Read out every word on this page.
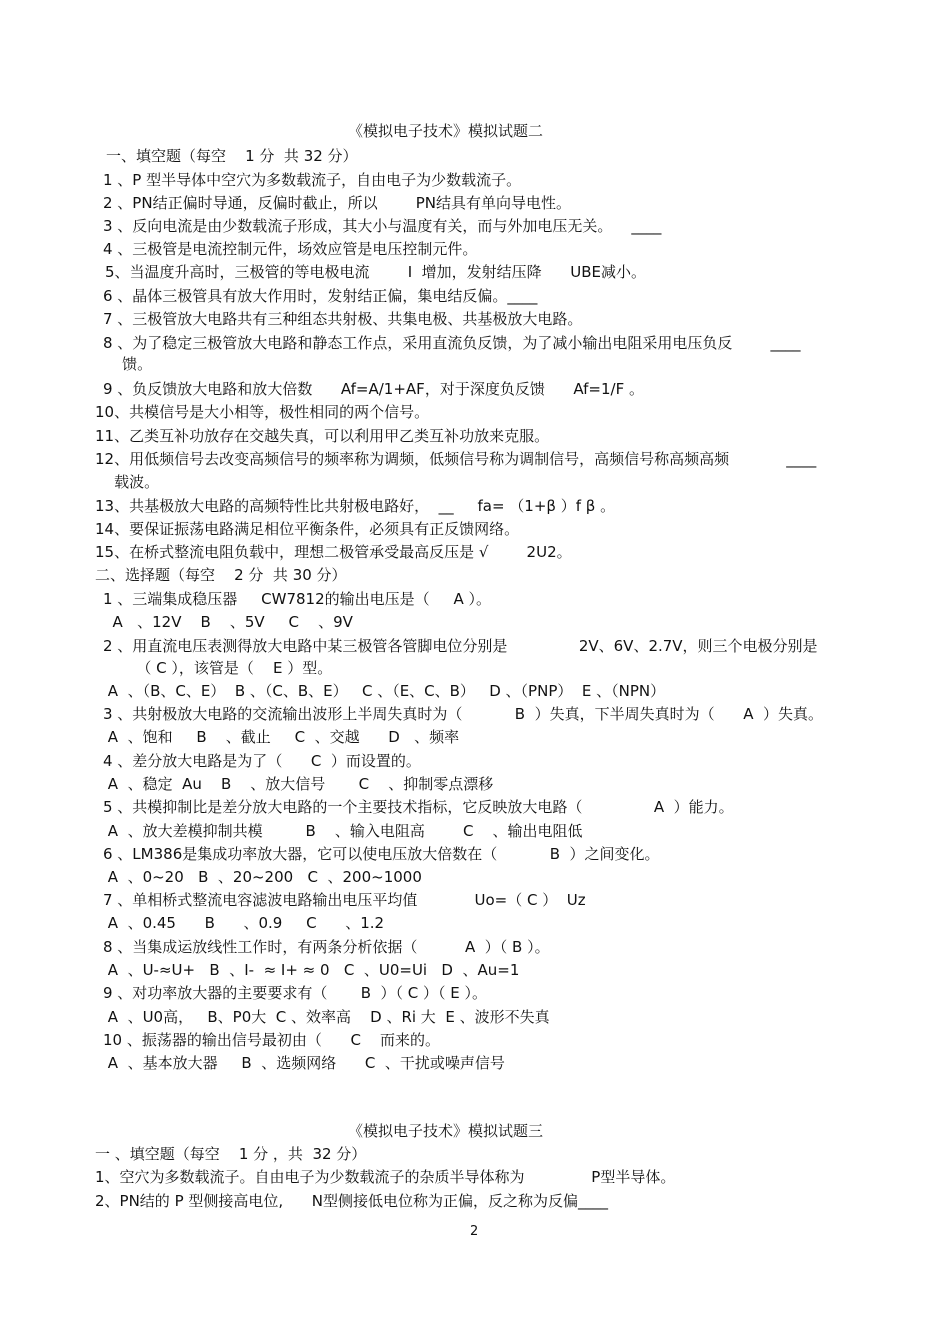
《模拟电子技术》模拟试题二
一、填空题（每空    1 分  共 32 分）
1 、P 型半导体中空穴为多数载流子，自由电子为少数载流子。
2 、PN结正偏时导通，反偏时截止，所以        PN结具有单向导电性。
3 、反向电流是由少数载流子形成，其大小与温度有关，而与外加电压无关。    ____
4 、三极管是电流控制元件，场效应管是电压控制元件。
5、当温度升高时，三极管的等电极电流        I  增加，发射结压降      UBE减小。
6 、晶体三极管具有放大作用时，发射结正偏，集电结反偏。____
7 、三极管放大电路共有三种组态共射极、共集电极、共基极放大电路。
8 、为了稳定三极管放大电路和静态工作点，采用直流负反馈，为了减小输出电阻采用电压负反        ____
馈。
9 、负反馈放大电路和放大倍数      Af=A/1+AF，对于深度负反馈      Af=1/F 。
10、共模信号是大小相等，极性相同的两个信号。
11、乙类互补功放存在交越失真，可以利用甲乙类互补功放来克服。
12、用低频信号去改变高频信号的频率称为调频，低频信号称为调制信号，高频信号称高频高频            ____
载波。
13、共基极放大电路的高频特性比共射极电路好，  __     fa= （1+β ）f β 。
14、要保证振荡电路满足相位平衡条件，必须具有正反馈网络。
15、在桥式整流电阻负载中，理想二极管承受最高反压是 √        2U2。
二、选择题（每空    2 分  共 30 分）
1 、三端集成稳压器     CW7812的输出电压是（     A ）。
A   、12V    B    、5V     C    、9V
2 、用直流电压表测得放大电路中某三极管各管脚电位分别是               2V、6V、2.7V，则三个电极分别是
（ C ），该管是（    E ）型。
A  、（B、C、E）  B 、（C、B、E）   C 、（E、C、B）   D 、（PNP）  E 、（NPN）
3 、共射极放大电路的交流输出波形上半周失真时为（           B  ）失真，下半周失真时为（      A  ）失真。
A  、饱和     B    、截止     C  、交越      D   、频率
4 、差分放大电路是为了（      C  ）而设置的。
A  、稳定  Au    B    、放大信号       C    、抑制零点漂移
5 、共模抑制比是差分放大电路的一个主要技术指标，它反映放大电路（               A  ）能力。
A  、放大差模抑制共模         B    、输入电阻高        C    、输出电阻低
6 、LM386是集成功率放大器，它可以使电压放大倍数在（           B  ）之间变化。
A  、0~20   B  、20~200   C  、200~1000
7 、单相桥式整流电容滤波电路输出电压平均值            Uo=（ C ）  Uz
A  、0.45      B      、0.9     C      、1.2
8 、当集成运放线性工作时，有两条分析依据（          A  ）（ B ）。
A  、U-≈U+   B  、I-  ≈ I+ ≈ 0   C  、U0=Ui   D  、Au=1
9 、对功率放大器的主要要求有（       B  ）（ C ）（ E ）。
A  、U0高，   B、P0大  C 、效率高    D 、Ri 大  E 、波形不失真
10 、振荡器的输出信号最初由（      C    而来的。
A  、基本放大器     B  、选频网络      C  、干扰或噪声信号
《模拟电子技术》模拟试题三
一 、填空题（每空    1 分 ，共  32 分）
1、空穴为多数载流子。自由电子为少数载流子的杂质半导体称为              P型半导体。
2、PN结的 P 型侧接高电位,      N型侧接低电位称为正偏，反之称为反偏____
2
